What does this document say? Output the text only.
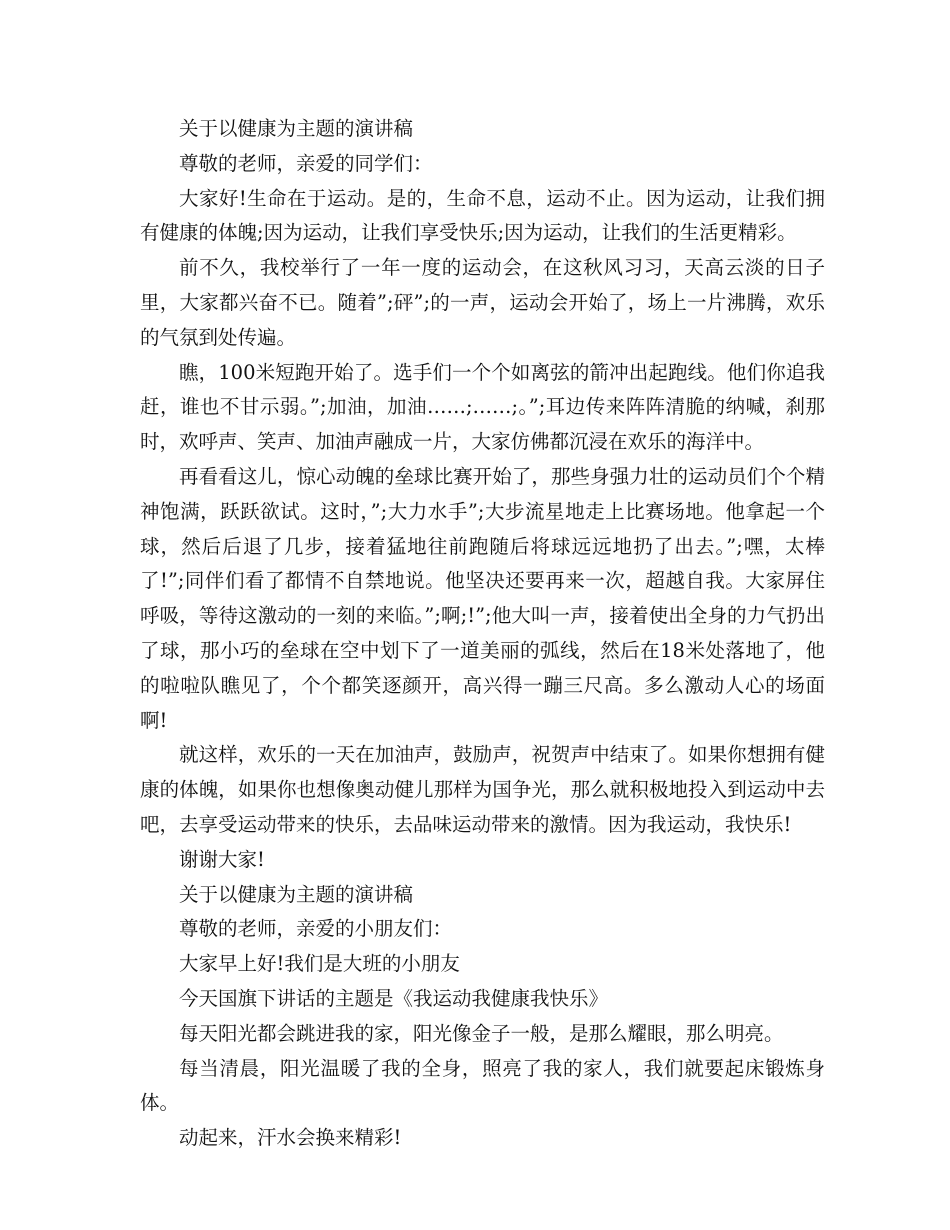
关于以健康为主题的演讲稿

尊敬的老师，亲爱的同学们：

大家好!生命在于运动。是的，生命不息，运动不止。因为运动，让我们拥有健康的体魄;因为运动，让我们享受快乐;因为运动，让我们的生活更精彩。

前不久，我校举行了一年一度的运动会，在这秋风习习，天高云淡的日子里，大家都兴奋不已。随着”;砰”;的一声，运动会开始了，场上一片沸腾，欢乐的气氛到处传遍。

瞧，100米短跑开始了。选手们一个个如离弦的箭冲出起跑线。他们你追我赶，谁也不甘示弱。”;加油，加油……;……;。”;耳边传来阵阵清脆的纳喊，刹那时，欢呼声、笑声、加油声融成一片，大家仿佛都沉浸在欢乐的海洋中。

再看看这儿，惊心动魄的垒球比赛开始了，那些身强力壮的运动员们个个精神饱满，跃跃欲试。这时，”;大力水手”;大步流星地走上比赛场地。他拿起一个球，然后后退了几步，接着猛地往前跑随后将球远远地扔了出去。”;嘿，太棒了!”;同伴们看了都情不自禁地说。他坚决还要再来一次，超越自我。大家屏住呼吸，等待这激动的一刻的来临。”;啊;!”;他大叫一声，接着使出全身的力气扔出了球，那小巧的垒球在空中划下了一道美丽的弧线，然后在18米处落地了，他的啦啦队瞧见了，个个都笑逐颜开，高兴得一蹦三尺高。多么激动人心的场面啊!

就这样，欢乐的一天在加油声，鼓励声，祝贺声中结束了。如果你想拥有健康的体魄，如果你也想像奥动健儿那样为国争光，那么就积极地投入到运动中去吧，去享受运动带来的快乐，去品味运动带来的激情。因为我运动，我快乐!

谢谢大家!

关于以健康为主题的演讲稿

尊敬的老师，亲爱的小朋友们：

大家早上好!我们是大班的小朋友

今天国旗下讲话的主题是《我运动我健康我快乐》

每天阳光都会跳进我的家，阳光像金子一般，是那么耀眼，那么明亮。

每当清晨，阳光温暖了我的全身，照亮了我的家人，我们就要起床锻炼身体。

动起来，汗水会换来精彩!
